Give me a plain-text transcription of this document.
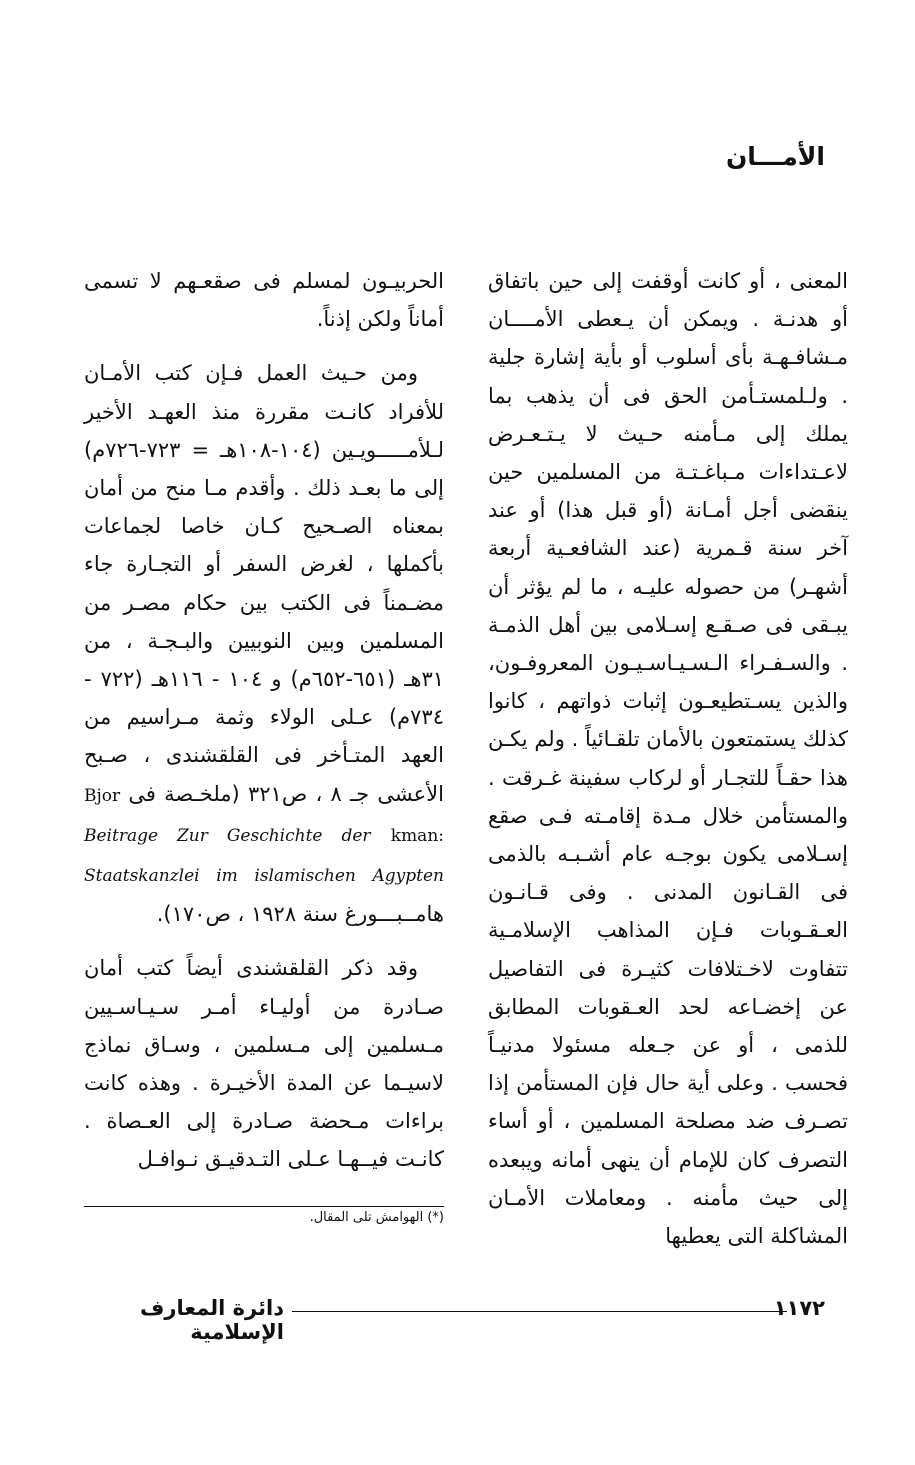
الأمـــان

المعنى ، أو كانت أوقفت إلى حين باتفاق أو هدنـة . ويمكن أن يـعطى الأمــــان مـشافـهـة بأى أسلوب أو بأية إشارة جلية . ولـلمستـأمن الحق فى أن يذهب بما يملك إلى مـأمنه حـيث لا يـتـعـرض لاعـتداءات مـباغـتـة من المسلمين حين ينقضى أجل أمـانة (أو قبل هذا) أو عند آخر سنة قـمرية (عند الشافعـية أربعة أشهـر) من حصوله عليـه ، ما لم يؤثر أن يبـقى فى صـقـع إسـلامى بين أهل الذمـة . والسـفـراء الـسـيـاسـيـون المعروفـون، والذين يسـتطيعـون إثبات ذواتهم ، كانوا كذلك يستمتعون بالأمان تلقـائياً . ولم يكـن هذا حقـاً للتجـار أو لركاب سفينة غـرقت . والمستأمن خلال مـدة إقامـته فـى صقع إسـلامى يكون بوجـه عام أشـبـه بالذمى فى القـانون المدنى . وفى قـانـون العـقـوبات فـإن المذاهب الإسلامـية تتفاوت لاخـتلافات كثيـرة فى التفاصيل عن إخضـاعه لحد العـقوبات المطابق للذمى ، أو عن جـعله مسئولا مدنيـاً فحسب . وعلى أية حال فإن المستأمن إذا تصـرف ضد مصلحة المسلمين ، أو أساء التصرف كان للإمام أن ينهى أمانه ويبعده إلى حيث مأمنه . ومعاملات الأمـان المشاكلة التى يعطيها

الحربيـون لمسلم فى صقعـهم لا تسمى أماناً ولكن إذناً.

ومن حـيث العمل فـإن كتب الأمـان للأفراد كانـت مقررة منذ العهـد الأخير لـلأمـــــويـين (١٠٤-١٠٨هـ = ٧٢٣-٧٢٦م) إلى ما بعـد ذلك . وأقدم مـا منح من أمان بمعناه الصـحيح كـان خاصا لجماعات بأكملها ، لغرض السفر أو التجـارة جاء مضـمناً فى الكتب بين حكام مصـر من المسلمين وبين النوبيين والبـجـة ، من ٣١هـ (٦٥١-٦٥٢م) و ١٠٤ - ١١٦هـ (٧٢٢ - ٧٣٤م) عـلى الولاء وثمة مـراسيم من العهد المتـأخر فى القلقشندى ، صـبح الأعشى جـ ٨ ، ص٣٢١ (ملخـصة فى Bjor kman: Beitrage Zur Geschichte der Staatskanzlei im islamischen Agypten هامــبـــورغ سنة ١٩٢٨ ، ص١٧٠).

وقد ذكر القلقشندى أيضاً كتب أمان صـادرة من أوليـاء أمـر سـيـاسـيين مـسلمين إلى مـسلمين ، وسـاق نماذج لاسيـما عن المدة الأخيـرة . وهذه كانت براءات مـحضة صـادرة إلى العـصاة . كانـت فيــهـا عـلى التـدقيـق نـوافـل

(*) الهوامش تلى المقال.
دائرة المعارف الإسلامية
١١٧٢
